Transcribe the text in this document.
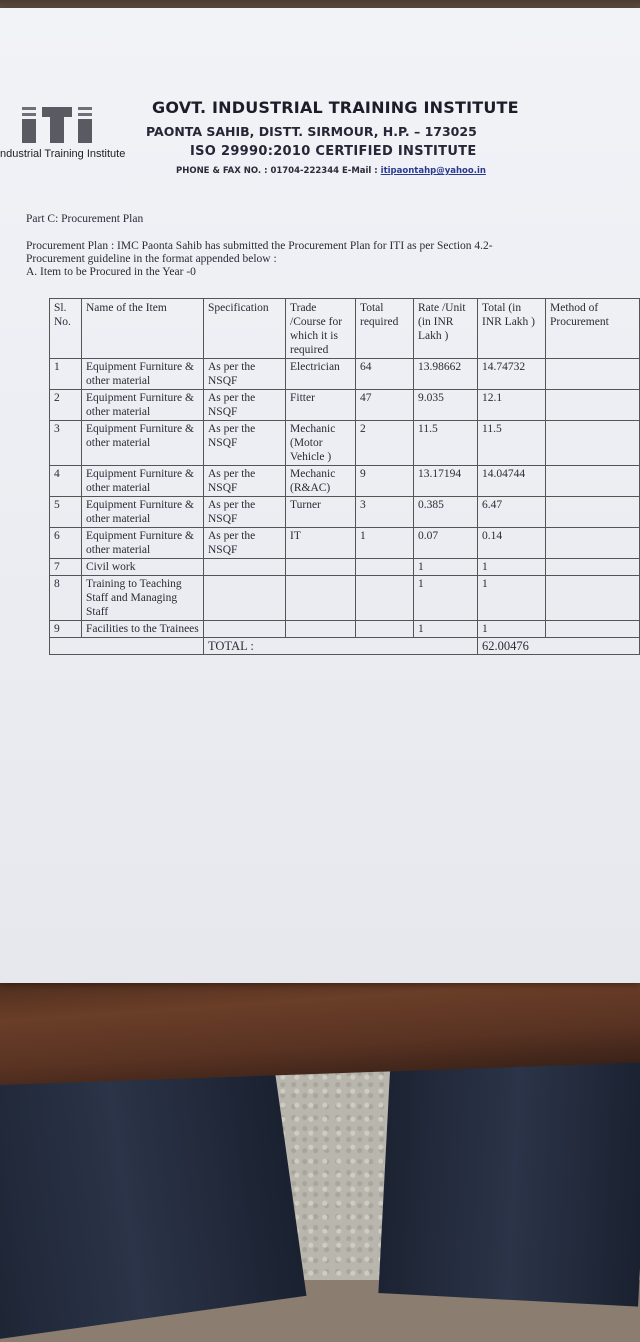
ndustrial Training Institute
GOVT. INDUSTRIAL TRAINING INSTITUTE
PAONTA SAHIB, DISTT. SIRMOUR, H.P. – 173025
ISO 29990:2010 CERTIFIED INSTITUTE
PHONE & FAX NO. : 01704-222344 E-Mail : itipaontahp@yahoo.in
Part C: Procurement Plan
Procurement Plan : IMC Paonta Sahib has submitted the Procurement Plan for ITI as per Section 4.2-
Procurement guideline in the format appended below :
A. Item to be Procured in the Year -0
Sl. No.	Name of the Item	Specification	Trade /Course for which it is required	Total required	Rate /Unit (in INR Lakh )	Total (in INR Lakh )	Method of Procurement
1	Equipment Furniture & other material	As per the NSQF	Electrician	64	13.98662	14.74732	
2	Equipment Furniture & other material	As per the NSQF	Fitter	47	9.035	12.1	
3	Equipment Furniture & other material	As per the NSQF	Mechanic (Motor Vehicle )	2	11.5	11.5	
4	Equipment Furniture & other material	As per the NSQF	Mechanic (R&AC)	9	13.17194	14.04744	
5	Equipment Furniture & other material	As per the NSQF	Turner	3	0.385	6.47	
6	Equipment Furniture & other material	As per the NSQF	IT	1	0.07	0.14	
7	Civil work				1	1	
8	Training to Teaching Staff and Managing Staff				1	1	
9	Facilities to the Trainees				1	1	
		TOTAL :				62.00476	
